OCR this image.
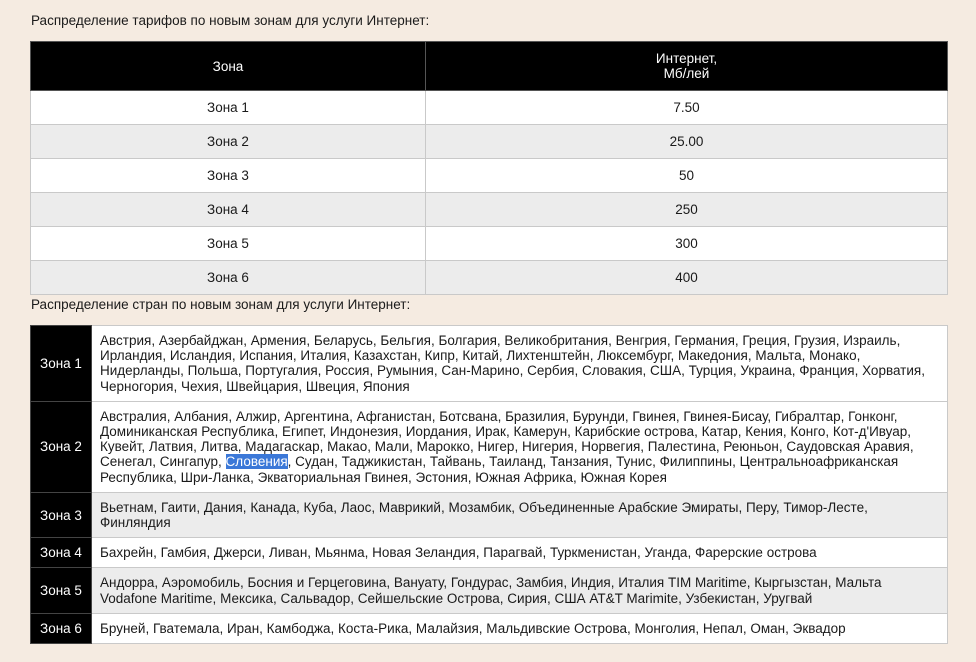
Распределение тарифов по новым зонам для услуги Интернет:

Зона	Интернет,
Мб/лей
Зона 1	7.50
Зона 2	25.00
Зона 3	50
Зона 4	250
Зона 5	300
Зона 6	400

Распределение стран по новым зонам для услуги Интернет:

Зона 1	Австрия, Азербайджан, Армения, Беларусь, Бельгия, Болгария, Великобритания, Венгрия, Германия, Греция, Грузия, Израиль, Ирландия, Исландия, Испания, Италия, Казахстан, Кипр, Китай, Лихтенштейн, Люксембург, Македония, Мальта, Монако, Нидерланды, Польша, Португалия, Россия, Румыния, Сан-Марино, Сербия, Словакия, США, Турция, Украина, Франция, Хорватия, Черногория, Чехия, Швейцария, Швеция, Япония
Зона 2	Австралия, Албания, Алжир, Аргентина, Афганистан, Ботсвана, Бразилия, Бурунди, Гвинея, Гвинея-Бисау, Гибралтар, Гонконг, Доминиканская Республика, Египет, Индонезия, Иордания, Ирак, Камерун, Карибские острова, Катар, Кения, Конго, Кот-д'Ивуар, Кувейт, Латвия, Литва, Мадагаскар, Макао, Мали, Марокко, Нигер, Нигерия, Норвегия, Палестина, Реюньон, Саудовская Аравия, Сенегал, Сингапур, Словения, Судан, Таджикистан, Тайвань, Таиланд, Танзания, Тунис, Филиппины, Центральноафриканская Республика, Шри-Ланка, Экваториальная Гвинея, Эстония, Южная Африка, Южная Корея
Зона 3	Вьетнам, Гаити, Дания, Канада, Куба, Лаос, Маврикий, Мозамбик, Объединенные Арабские Эмираты, Перу, Тимор-Лесте, Финляндия
Зона 4	Бахрейн, Гамбия, Джерси, Ливан, Мьянма, Новая Зеландия, Парагвай, Туркменистан, Уганда, Фарерские острова
Зона 5	Андорра, Аэромобиль, Босния и Герцеговина, Вануату, Гондурас, Замбия, Индия, Италия TIM Maritime, Кыргызстан, Мальта Vodafone Maritime, Мексика, Сальвадор, Сейшельские Острова, Сирия, США AT&T Marimite, Узбекистан, Уругвай
Зона 6	Бруней, Гватемала, Иран, Камбоджа, Коста-Рика, Малайзия, Мальдивские Острова, Монголия, Непал, Оман, Эквадор
